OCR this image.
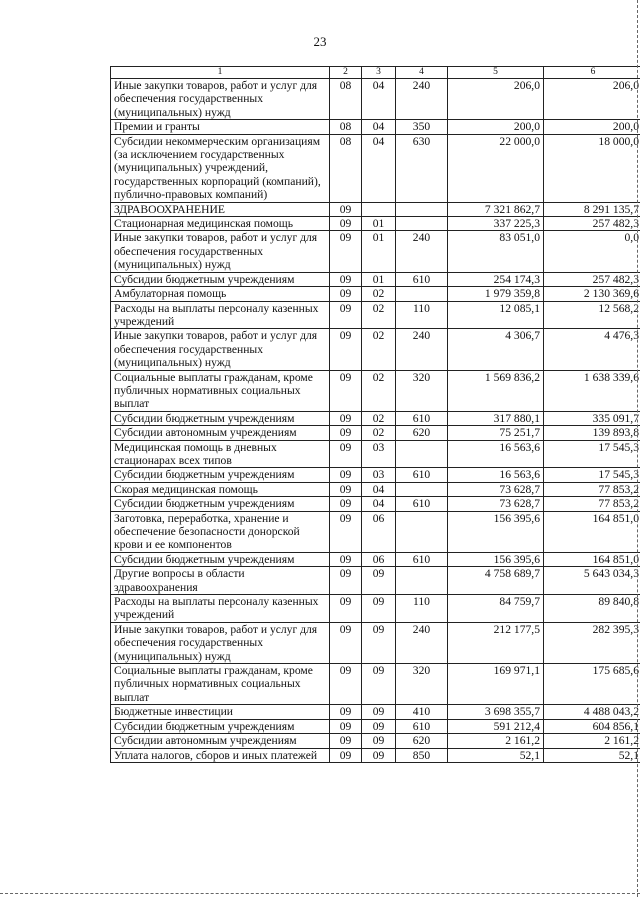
23
1	2	3	4	5	6
Иные закупки товаров, работ и услуг для обеспечения государственных (муниципальных) нужд	08	04	240	206,0	206,0
Премии и гранты	08	04	350	200,0	200,0
Субсидии некоммерческим организациям (за исключением государственных (муниципальных) учреждений, государственных корпораций (компаний), публично-правовых компаний)	08	04	630	22 000,0	18 000,0
ЗДРАВООХРАНЕНИЕ	09			7 321 862,7	8 291 135,7
Стационарная медицинская помощь	09	01		337 225,3	257 482,3
Иные закупки товаров, работ и услуг для обеспечения государственных (муниципальных) нужд	09	01	240	83 051,0	0,0
Субсидии бюджетным учреждениям	09	01	610	254 174,3	257 482,3
Амбулаторная помощь	09	02		1 979 359,8	2 130 369,6
Расходы на выплаты персоналу казенных учреждений	09	02	110	12 085,1	12 568,2
Иные закупки товаров, работ и услуг для обеспечения государственных (муниципальных) нужд	09	02	240	4 306,7	4 476,3
Социальные выплаты гражданам, кроме публичных нормативных социальных выплат	09	02	320	1 569 836,2	1 638 339,6
Субсидии бюджетным учреждениям	09	02	610	317 880,1	335 091,7
Субсидии автономным учреждениям	09	02	620	75 251,7	139 893,8
Медицинская помощь в дневных стационарах всех типов	09	03		16 563,6	17 545,3
Субсидии бюджетным учреждениям	09	03	610	16 563,6	17 545,3
Скорая медицинская помощь	09	04		73 628,7	77 853,2
Субсидии бюджетным учреждениям	09	04	610	73 628,7	77 853,2
Заготовка, переработка, хранение и обеспечение безопасности донорской крови и ее компонентов	09	06		156 395,6	164 851,0
Субсидии бюджетным учреждениям	09	06	610	156 395,6	164 851,0
Другие вопросы в области здравоохранения	09	09		4 758 689,7	5 643 034,3
Расходы на выплаты персоналу казенных учреждений	09	09	110	84 759,7	89 840,8
Иные закупки товаров, работ и услуг для обеспечения государственных (муниципальных) нужд	09	09	240	212 177,5	282 395,3
Социальные выплаты гражданам, кроме публичных нормативных социальных выплат	09	09	320	169 971,1	175 685,6
Бюджетные инвестиции	09	09	410	3 698 355,7	4 488 043,2
Субсидии бюджетным учреждениям	09	09	610	591 212,4	604 856,1
Субсидии автономным учреждениям	09	09	620	2 161,2	2 161,2
Уплата налогов, сборов и иных платежей	09	09	850	52,1	52,1
